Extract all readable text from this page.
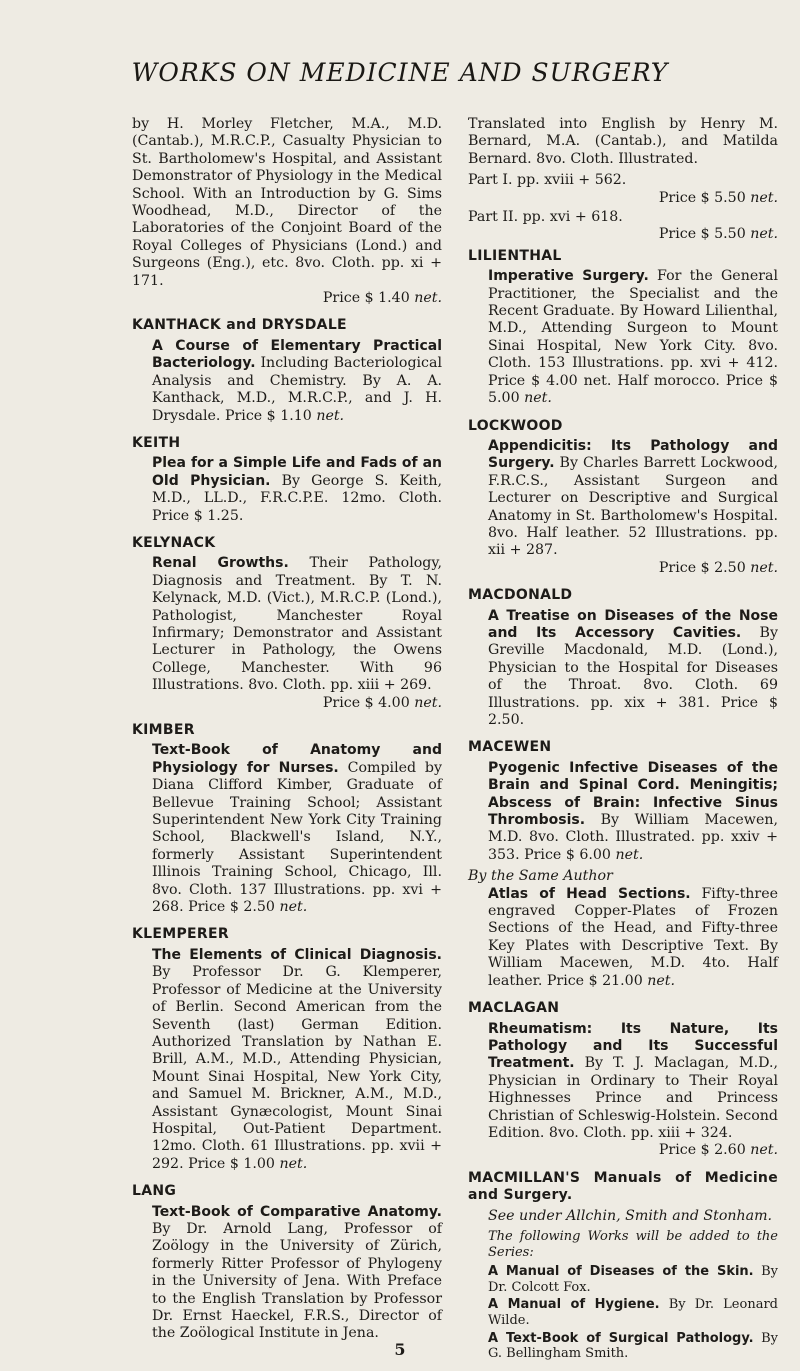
WORKS ON MEDICINE AND SURGERY
by H. Morley Fletcher, M.A., M.D. (Cantab.), M.R.C.P., Casualty Physician to St. Bartholomew's Hospital, and Assistant Demonstrator of Physiology in the Medical School. With an Introduction by G. Sims Woodhead, M.D., Director of the Laboratories of the Conjoint Board of the Royal Colleges of Physicians (Lond.) and Surgeons (Eng.), etc. 8vo. Cloth. pp. xi + 171.
Price $ 1.40 net.
KANTHACK and DRYSDALE
A Course of Elementary Practical Bacteriology. Including Bacteriological Analysis and Chemistry. By A. A. Kanthack, M.D., M.R.C.P., and J. H. Drysdale. Price $ 1.10 net.
KEITH
Plea for a Simple Life and Fads of an Old Physician. By George S. Keith, M.D., LL.D., F.R.C.P.E. 12mo. Cloth. Price $ 1.25.
KELYNACK
Renal Growths. Their Pathology, Diagnosis and Treatment. By T. N. Kelynack, M.D. (Vict.), M.R.C.P. (Lond.), Pathologist, Manchester Royal Infirmary; Demonstrator and Assistant Lecturer in Pathology, the Owens College, Manchester. With 96 Illustrations. 8vo. Cloth. pp. xiii + 269.
Price $ 4.00 net.
KIMBER
Text-Book of Anatomy and Physiology for Nurses. Compiled by Diana Clifford Kimber, Graduate of Bellevue Training School; Assistant Superintendent New York City Training School, Blackwell's Island, N.Y., formerly Assistant Superintendent Illinois Training School, Chicago, Ill. 8vo. Cloth. 137 Illustrations. pp. xvi + 268. Price $ 2.50 net.
KLEMPERER
The Elements of Clinical Diagnosis. By Professor Dr. G. Klemperer, Professor of Medicine at the University of Berlin. Second American from the Seventh (last) German Edition. Authorized Translation by Nathan E. Brill, A.M., M.D., Attending Physician, Mount Sinai Hospital, New York City, and Samuel M. Brickner, A.M., M.D., Assistant Gynæcologist, Mount Sinai Hospital, Out-Patient Department. 12mo. Cloth. 61 Illustrations. pp. xvii + 292. Price $ 1.00 net.
LANG
Text-Book of Comparative Anatomy. By Dr. Arnold Lang, Professor of Zoölogy in the University of Zürich, formerly Ritter Professor of Phylogeny in the University of Jena. With Preface to the English Translation by Professor Dr. Ernst Haeckel, F.R.S., Director of the Zoölogical Institute in Jena.
Translated into English by Henry M. Bernard, M.A. (Cantab.), and Matilda Bernard. 8vo. Cloth. Illustrated.
Part I. pp. xviii + 562.
Price $ 5.50 net.
Part II. pp. xvi + 618.
Price $ 5.50 net.
LILIENTHAL
Imperative Surgery. For the General Practitioner, the Specialist and the Recent Graduate. By Howard Lilienthal, M.D., Attending Surgeon to Mount Sinai Hospital, New York City. 8vo. Cloth. 153 Illustrations. pp. xvi + 412. Price $ 4.00 net. Half morocco. Price $ 5.00 net.
LOCKWOOD
Appendicitis: Its Pathology and Surgery. By Charles Barrett Lockwood, F.R.C.S., Assistant Surgeon and Lecturer on Descriptive and Surgical Anatomy in St. Bartholomew's Hospital. 8vo. Half leather. 52 Illustrations. pp. xii + 287.
Price $ 2.50 net.
MACDONALD
A Treatise on Diseases of the Nose and Its Accessory Cavities. By Greville Macdonald, M.D. (Lond.), Physician to the Hospital for Diseases of the Throat. 8vo. Cloth. 69 Illustrations. pp. xix + 381. Price $ 2.50.
MACEWEN
Pyogenic Infective Diseases of the Brain and Spinal Cord. Meningitis; Abscess of Brain: Infective Sinus Thrombosis. By William Macewen, M.D. 8vo. Cloth. Illustrated. pp. xxiv + 353. Price $ 6.00 net.
By the Same Author
Atlas of Head Sections. Fifty-three engraved Copper-Plates of Frozen Sections of the Head, and Fifty-three Key Plates with Descriptive Text. By William Macewen, M.D. 4to. Half leather. Price $ 21.00 net.
MACLAGAN
Rheumatism: Its Nature, Its Pathology and Its Successful Treatment. By T. J. Maclagan, M.D., Physician in Ordinary to Their Royal Highnesses Prince and Princess Christian of Schleswig-Holstein. Second Edition. 8vo. Cloth. pp. xiii + 324.
Price $ 2.60 net.
MACMILLAN'S Manuals of Medicine and Surgery.
See under Allchin, Smith and Stonham.
The following Works will be added to the Series:
A Manual of Diseases of the Skin. By Dr. Colcott Fox.
A Manual of Hygiene. By Dr. Leonard Wilde.
A Text-Book of Surgical Pathology. By G. Bellingham Smith.
5
